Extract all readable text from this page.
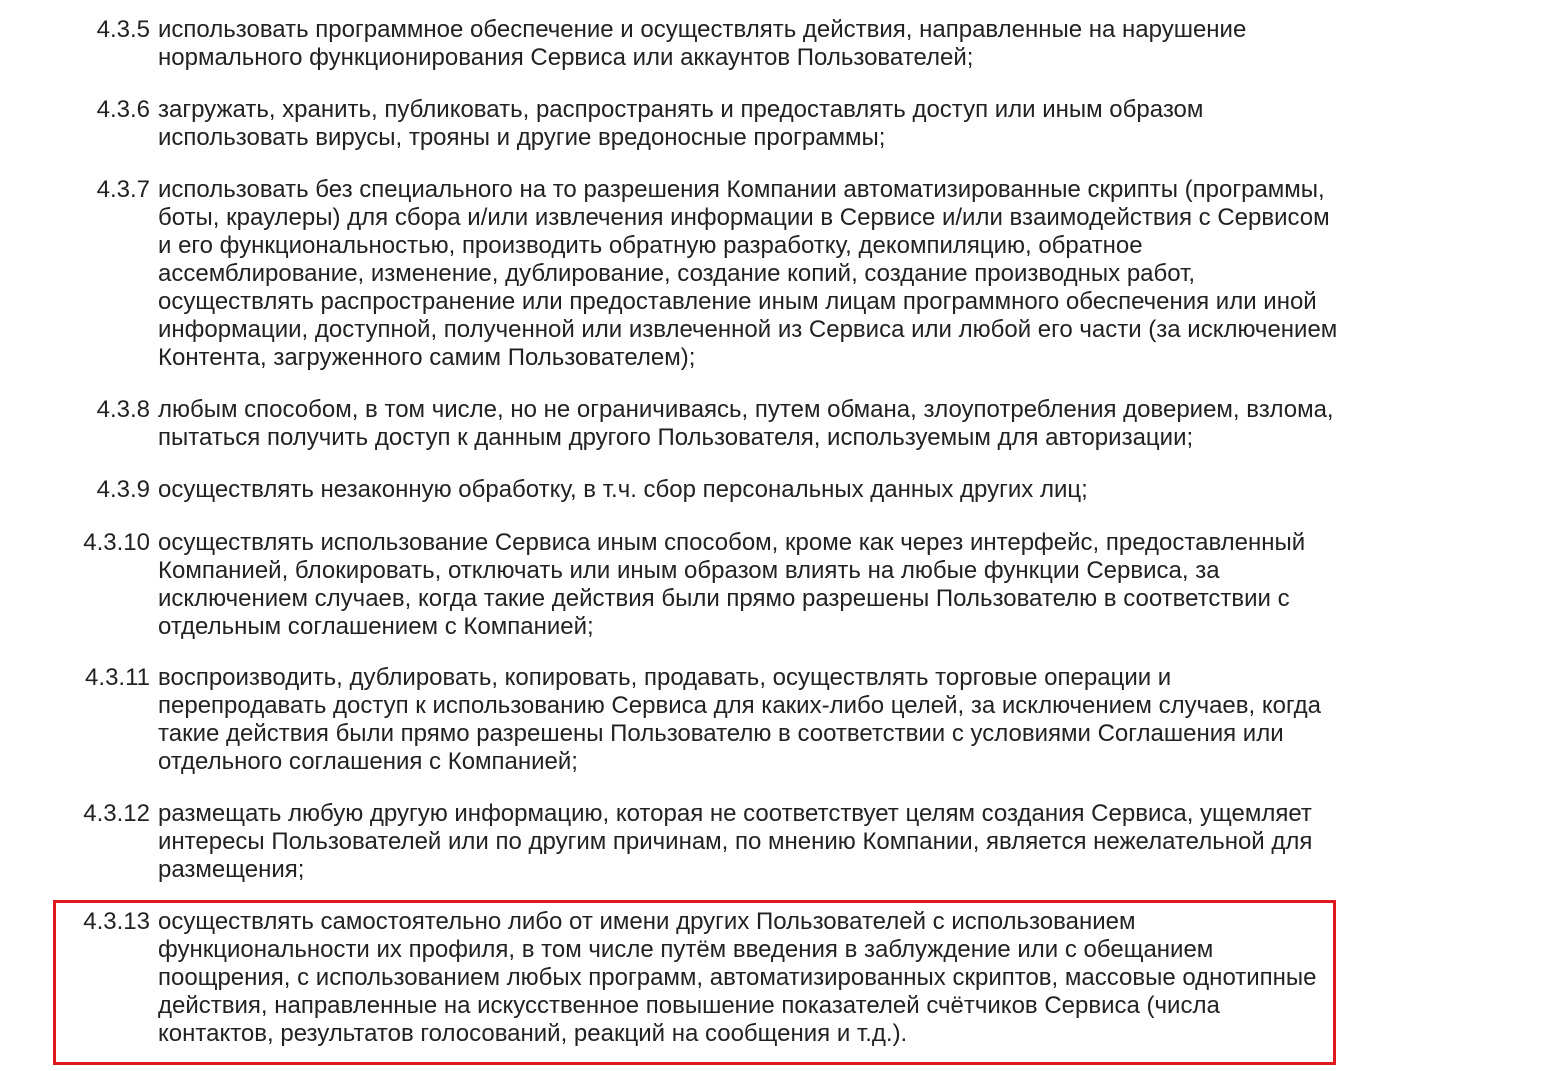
4.3.5 использовать программное обеспечение и осуществлять действия, направленные на нарушение нормального функционирования Сервиса или аккаунтов Пользователей;
4.3.6 загружать, хранить, публиковать, распространять и предоставлять доступ или иным образом использовать вирусы, трояны и другие вредоносные программы;
4.3.7 использовать без специального на то разрешения Компании автоматизированные скрипты (программы, боты, краулеры) для сбора и/или извлечения информации в Сервисе и/или взаимодействия с Сервисом и его функциональностью, производить обратную разработку, декомпиляцию, обратное ассемблирование, изменение, дублирование, создание копий, создание производных работ, осуществлять распространение или предоставление иным лицам программного обеспечения или иной информации, доступной, полученной или извлеченной из Сервиса или любой его части (за исключением Контента, загруженного самим Пользователем);
4.3.8 любым способом, в том числе, но не ограничиваясь, путем обмана, злоупотребления доверием, взлома, пытаться получить доступ к данным другого Пользователя, используемым для авторизации;
4.3.9 осуществлять незаконную обработку, в т.ч. сбор персональных данных других лиц;
4.3.10 осуществлять использование Сервиса иным способом, кроме как через интерфейс, предоставленный Компанией, блокировать, отключать или иным образом влиять на любые функции Сервиса, за исключением случаев, когда такие действия были прямо разрешены Пользователю в соответствии с отдельным соглашением с Компанией;
4.3.11 воспроизводить, дублировать, копировать, продавать, осуществлять торговые операции и перепродавать доступ к использованию Сервиса для каких-либо целей, за исключением случаев, когда такие действия были прямо разрешены Пользователю в соответствии с условиями Соглашения или отдельного соглашения с Компанией;
4.3.12 размещать любую другую информацию, которая не соответствует целям создания Сервиса, ущемляет интересы Пользователей или по другим причинам, по мнению Компании, является нежелательной для размещения;
4.3.13 осуществлять самостоятельно либо от имени других Пользователей с использованием функциональности их профиля, в том числе путём введения в заблуждение или с обещанием поощрения, с использованием любых программ, автоматизированных скриптов, массовые однотипные действия, направленные на искусственное повышение показателей счётчиков Сервиса (числа контактов, результатов голосований, реакций на сообщения и т.д.).
